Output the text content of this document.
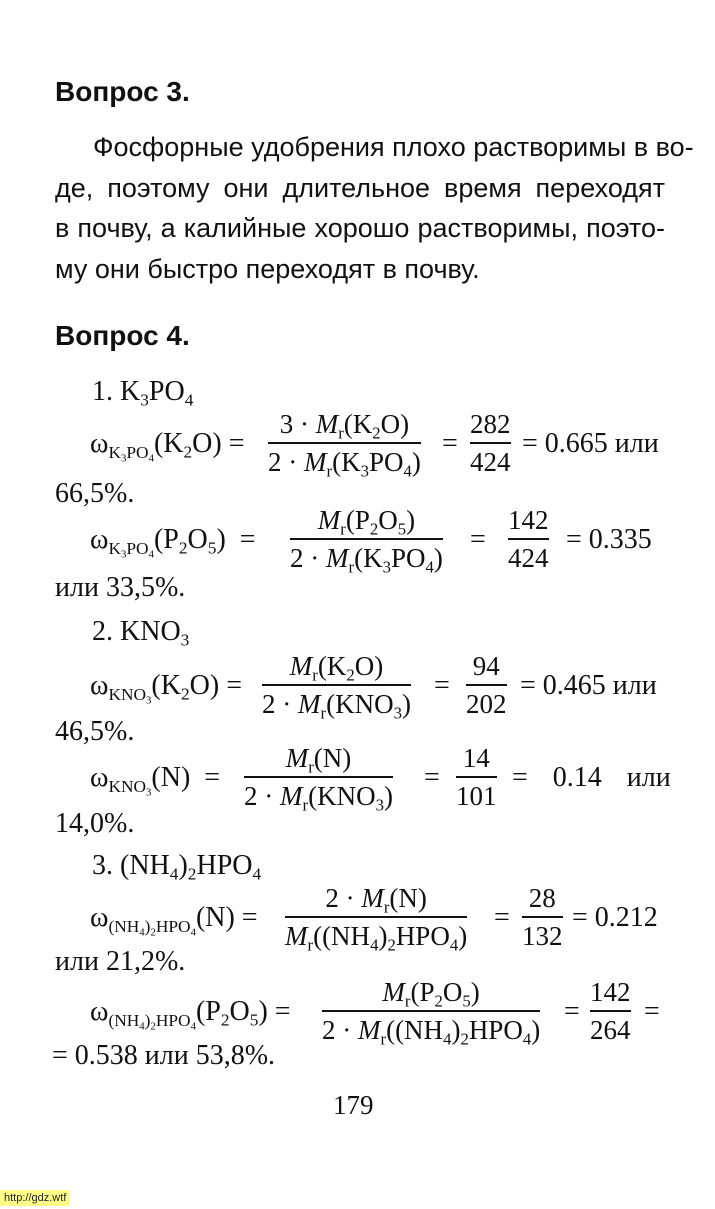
Вопрос 3.
Фосфорные удобрения плохо растворимы в во-
де, поэтому они длительное время переходят
в почву, а калийные хорошо растворимы, поэто-
му они быстро переходят в почву.
Вопрос 4.
1. $K_3PO_4$
$\omega_{K_3PO_4}(K_2O)$ =
$3 \cdot M_r(K_2O)$
$2 \cdot M_r(K_3PO_4)$
=
282
424
= 0.665 или
66,5%.
$\omega_{K_3PO_4}(P_2O_5)$  =
$M_r(P_2O_5)$
$2 \cdot M_r(K_3PO_4)$
=
142
424
= 0.335
или 33,5%.
2. $KNO_3$
$\omega_{KNO_3}(K_2O)$ =
$M_r(K_2O)$
$2 \cdot M_r(KNO_3)$
=
94
202
= 0.465 или
46,5%.
$\omega_{KNO_3}(N)$  =
$M_r(N)$
$2 \cdot M_r(KNO_3)$
=
14
101
= 0.14 или
14,0%.
3. $(NH_4)_2HPO_4$
$\omega_{(NH_4)_2HPO_4}(N)$ =
$2 \cdot M_r(N)$
$M_r((NH_4)_2HPO_4)$
=
28
132
= 0.212
или 21,2%.
$\omega_{(NH_4)_2HPO_4}(P_2O_5)$ =
$M_r(P_2O_5)$
$2 \cdot M_r((NH_4)_2HPO_4)$
=
142
264
=
= 0.538 или 53,8%.
179
http://gdz.wtf
